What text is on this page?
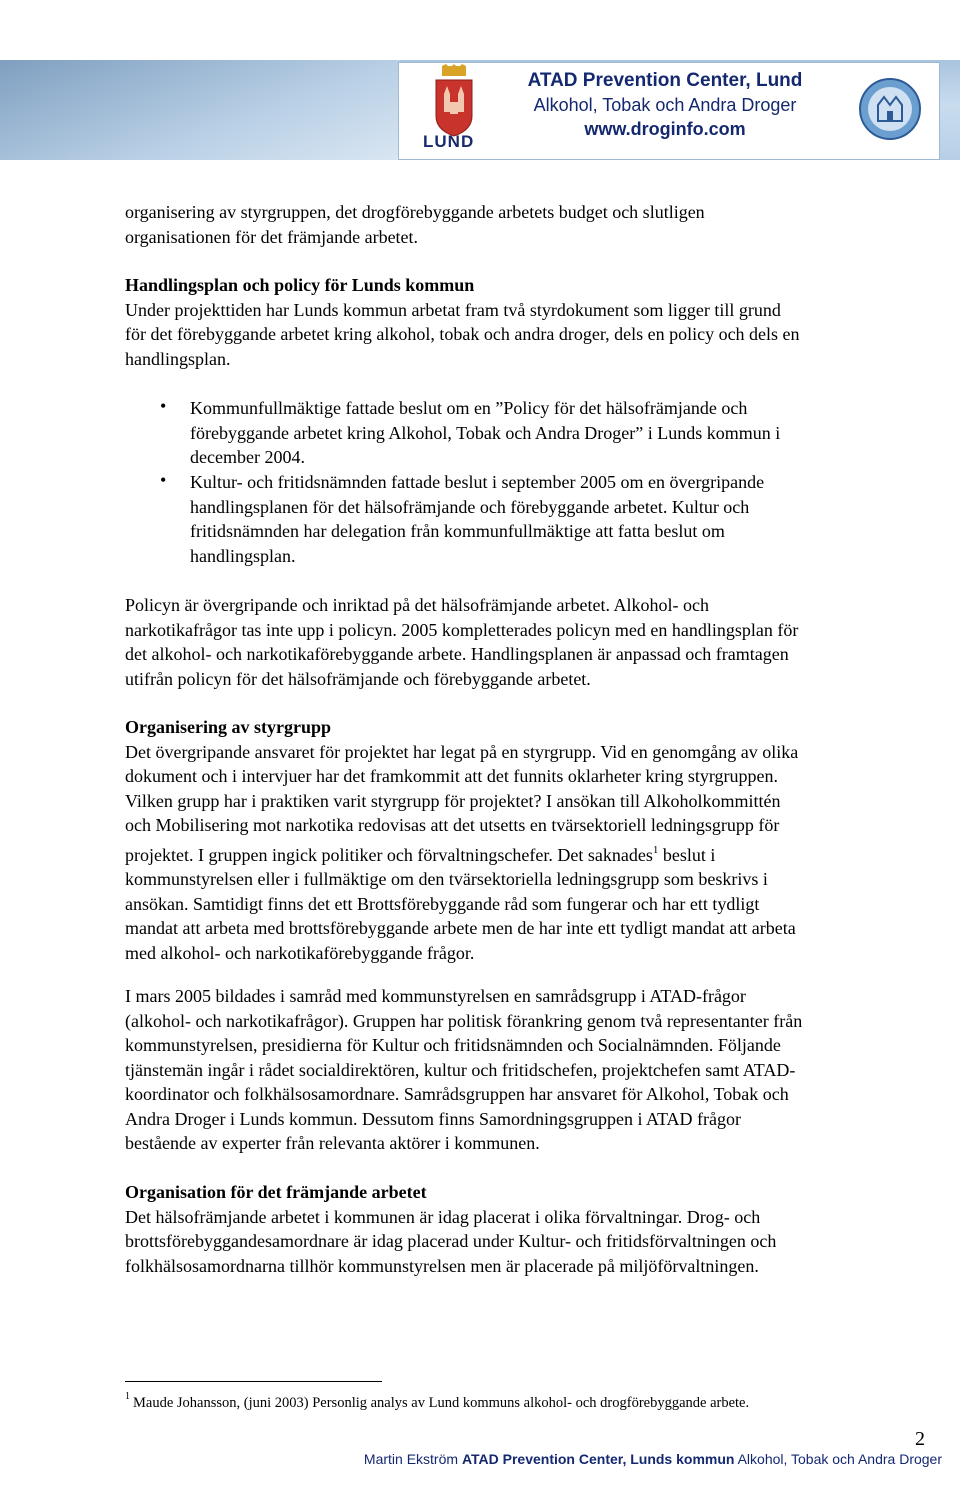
LUND
ATAD Prevention Center, Lund
Alkohol, Tobak och Andra Droger
www.droginfo.com
organisering av styrgruppen, det drogförebyggande arbetets budget och slutligen
organisationen för det främjande arbetet.
Handlingsplan och policy för Lunds kommun
Under projekttiden har Lunds kommun arbetat fram två styrdokument som ligger till grund
för det förebyggande arbetet kring alkohol, tobak och andra droger, dels en policy och dels en
handlingsplan.
• Kommunfullmäktige fattade beslut om en ”Policy för det hälsofrämjande och
förebyggande arbetet kring Alkohol, Tobak och Andra Droger” i Lunds kommun i
december 2004.
• Kultur- och fritidsnämnden fattade beslut i september 2005 om en övergripande
handlingsplanen för det hälsofrämjande och förebyggande arbetet. Kultur och
fritidsnämnden har delegation från kommunfullmäktige att fatta beslut om
handlingsplan.
Policyn är övergripande och inriktad på det hälsofrämjande arbetet. Alkohol- och
narkotikafrågor tas inte upp i policyn. 2005 kompletterades policyn med en handlingsplan för
det alkohol- och narkotikaförebyggande arbete. Handlingsplanen är anpassad och framtagen
utifrån policyn för det hälsofrämjande och förebyggande arbetet.
Organisering av styrgrupp
Det övergripande ansvaret för projektet har legat på en styrgrupp. Vid en genomgång av olika
dokument och i intervjuer har det framkommit att det funnits oklarheter kring styrgruppen.
Vilken grupp har i praktiken varit styrgrupp för projektet? I ansökan till Alkoholkommittén
och Mobilisering mot narkotika redovisas att det utsetts en tvärsektoriell ledningsgrupp för
projektet. I gruppen ingick politiker och förvaltningschefer. Det saknades$^1$ beslut i
kommunstyrelsen eller i fullmäktige om den tvärsektoriella ledningsgrupp som beskrivs i
ansökan. Samtidigt finns det ett Brottsförebyggande råd som fungerar och har ett tydligt
mandat att arbeta med brottsförebyggande arbete men de har inte ett tydligt mandat att arbeta
med alkohol- och narkotikaförebyggande frågor.
I mars 2005 bildades i samråd med kommunstyrelsen en samrådsgrupp i ATAD-frågor
(alkohol- och narkotikafrågor). Gruppen har politisk förankring genom två representanter från
kommunstyrelsen, presidierna för Kultur och fritidsnämnden och Socialnämnden. Följande
tjänstemän ingår i rådet socialdirektören, kultur och fritidschefen, projektchefen samt ATAD-
koordinator och folkhälsosamordnare. Samrådsgruppen har ansvaret för Alkohol, Tobak och
Andra Droger i Lunds kommun. Dessutom finns Samordningsgruppen i ATAD frågor
bestående av experter från relevanta aktörer i kommunen.
Organisation för det främjande arbetet
Det hälsofrämjande arbetet i kommunen är idag placerat i olika förvaltningar. Drog- och
brottsförebyggandesamordnare är idag placerad under Kultur- och fritidsförvaltningen och
folkhälsosamordnarna tillhör kommunstyrelsen men är placerade på miljöförvaltningen.
$^1$ Maude Johansson, (juni 2003) Personlig analys av Lund kommuns alkohol- och drogförebyggande arbete.
2
Martin Ekström ATAD Prevention Center, Lunds kommun Alkohol, Tobak och Andra Droger
